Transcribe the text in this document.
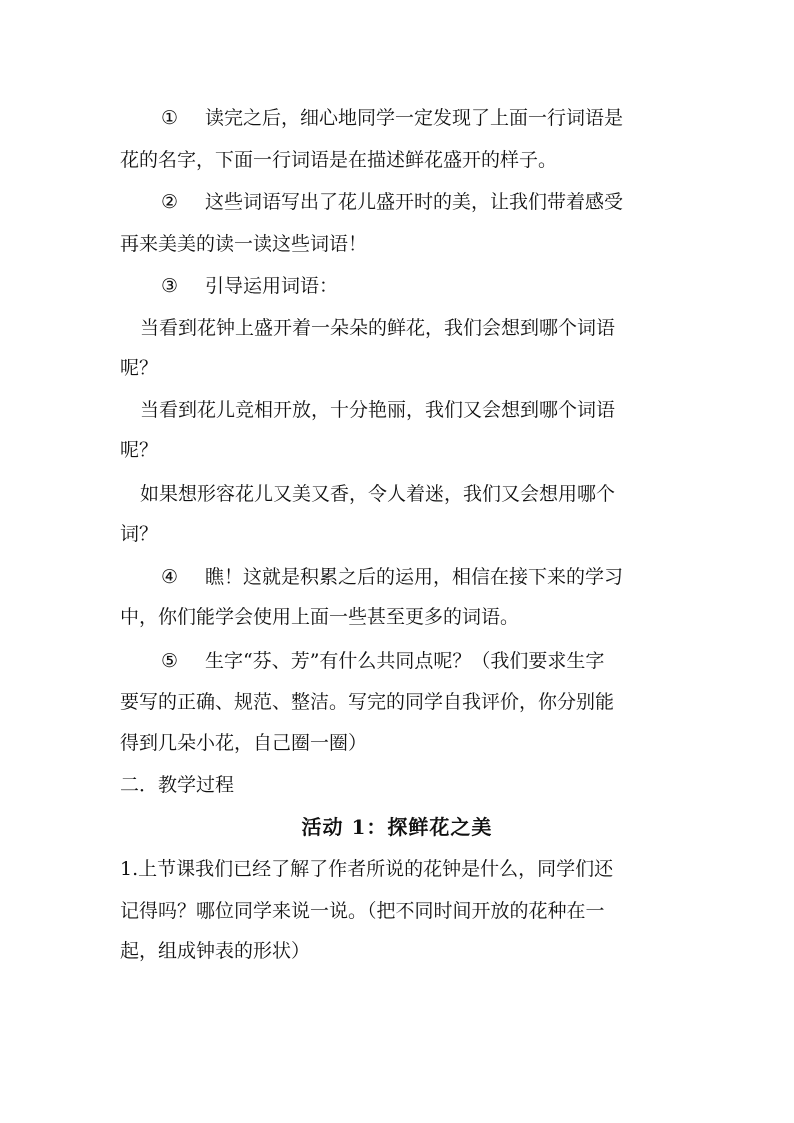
① 读完之后，细心地同学一定发现了上面一行词语是
花的名字，下面一行词语是在描述鲜花盛开的样子。
② 这些词语写出了花儿盛开时的美，让我们带着感受
再来美美的读一读这些词语！
③ 引导运用词语：
当看到花钟上盛开着一朵朵的鲜花，我们会想到哪个词语
呢？
当看到花儿竞相开放，十分艳丽，我们又会想到哪个词语
呢？
如果想形容花儿又美又香，令人着迷，我们又会想用哪个
词？
④ 瞧！这就是积累之后的运用，相信在接下来的学习
中，你们能学会使用上面一些甚至更多的词语。
⑤ 生字“芬、芳”有什么共同点呢？（我们要求生字
要写的正确、规范、整洁。写完的同学自我评价，你分别能
得到几朵小花，自己圈一圈）
二．教学过程
活动 1：探鲜花之美
1.上节课我们已经了解了作者所说的花钟是什么，同学们还
记得吗？哪位同学来说一说。（把不同时间开放的花种在一
起，组成钟表的形状）
